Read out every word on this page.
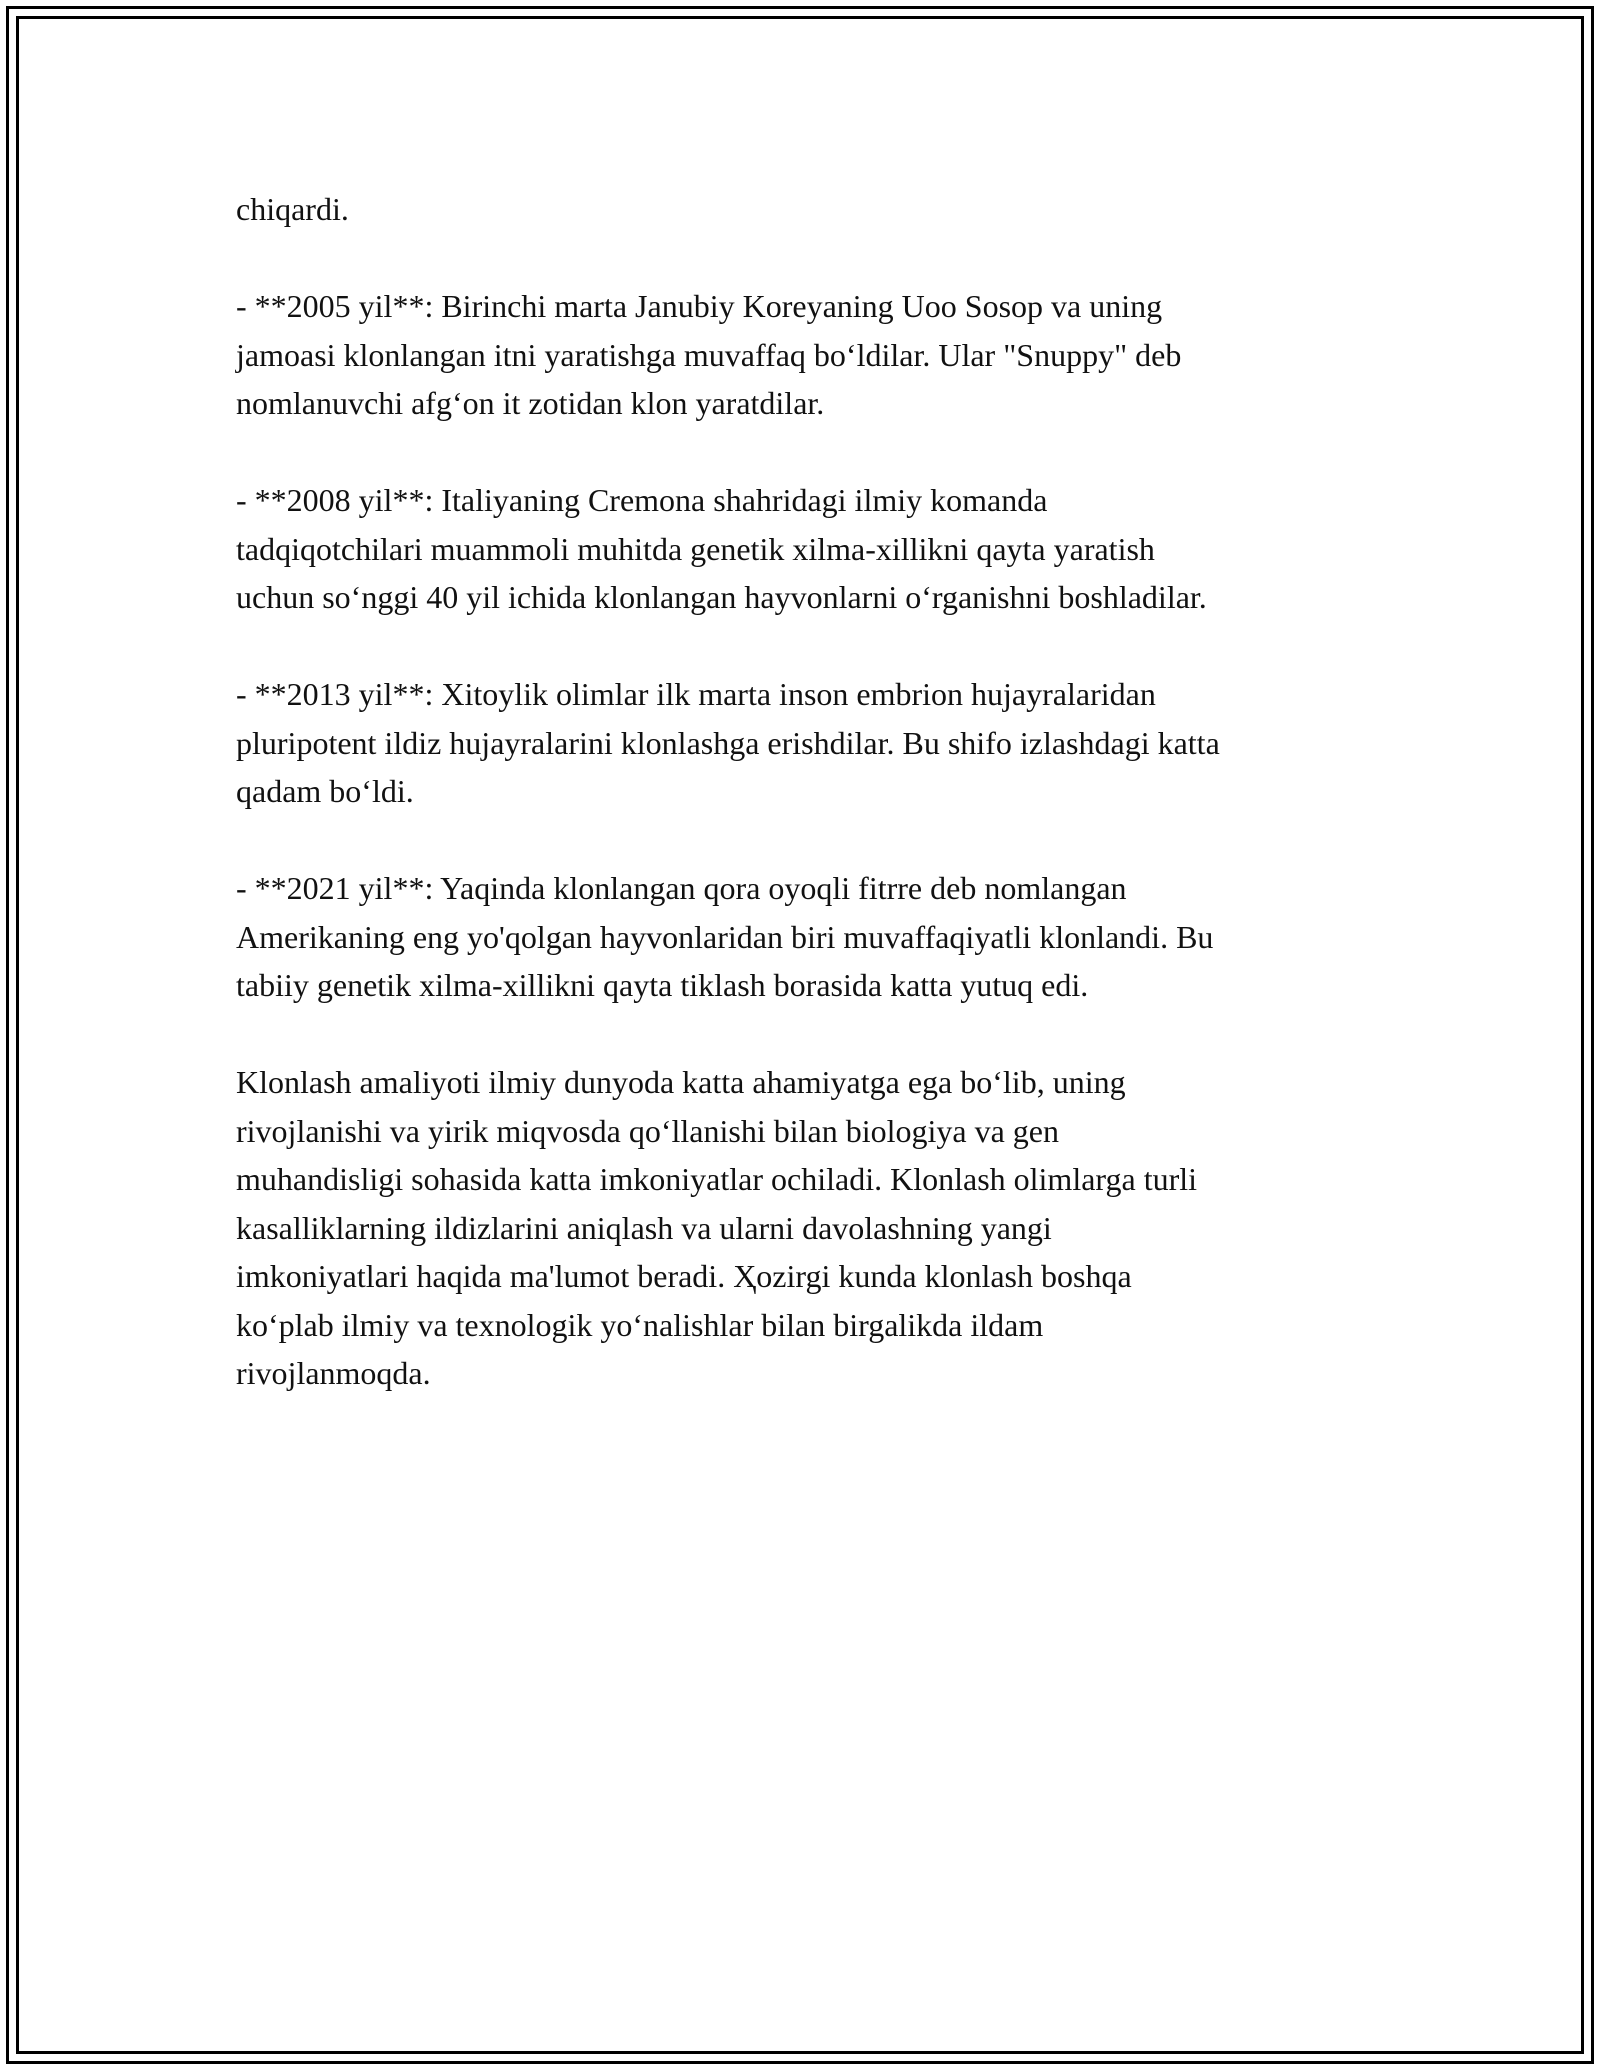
chiqardi.

- **2005 yil**: Birinchi marta Janubiy Koreyaning Uoo Sosop va uning
jamoasi klonlangan itni yaratishga muvaffaq boʻldilar. Ular "Snuppy" deb
nomlanuvchi afgʻon it zotidan klon yaratdilar.

- **2008 yil**: Italiyaning Cremona shahridagi ilmiy komanda
tadqiqotchilari muammoli muhitda genetik xilma-xillikni qayta yaratish
uchun soʻnggi 40 yil ichida klonlangan hayvonlarni oʻrganishni boshladilar.

- **2013 yil**: Xitoylik olimlar ilk marta inson embrion hujayralaridan
pluripotent ildiz hujayralarini klonlashga erishdilar. Bu shifo izlashdagi katta
qadam boʻldi.

- **2021 yil**: Yaqinda klonlangan qora oyoqli fitrre deb nomlangan
Amerikaning eng yo'qolgan hayvonlaridan biri muvaffaqiyatli klonlandi. Bu
tabiiy genetik xilma-xillikni qayta tiklash borasida katta yutuq edi.

Klonlash amaliyoti ilmiy dunyoda katta ahamiyatga ega boʻlib, uning
rivojlanishi va yirik miqvosda qoʻllanishi bilan biologiya va gen
muhandisligi sohasida katta imkoniyatlar ochiladi. Klonlash olimlarga turli
kasalliklarning ildizlarini aniqlash va ularni davolashning yangi
imkoniyatlari haqida ma'lumot beradi. Ҳozirgi kunda klonlash boshqa
koʻplab ilmiy va texnologik yoʻnalishlar bilan birgalikda ildam
rivojlanmoqda.
